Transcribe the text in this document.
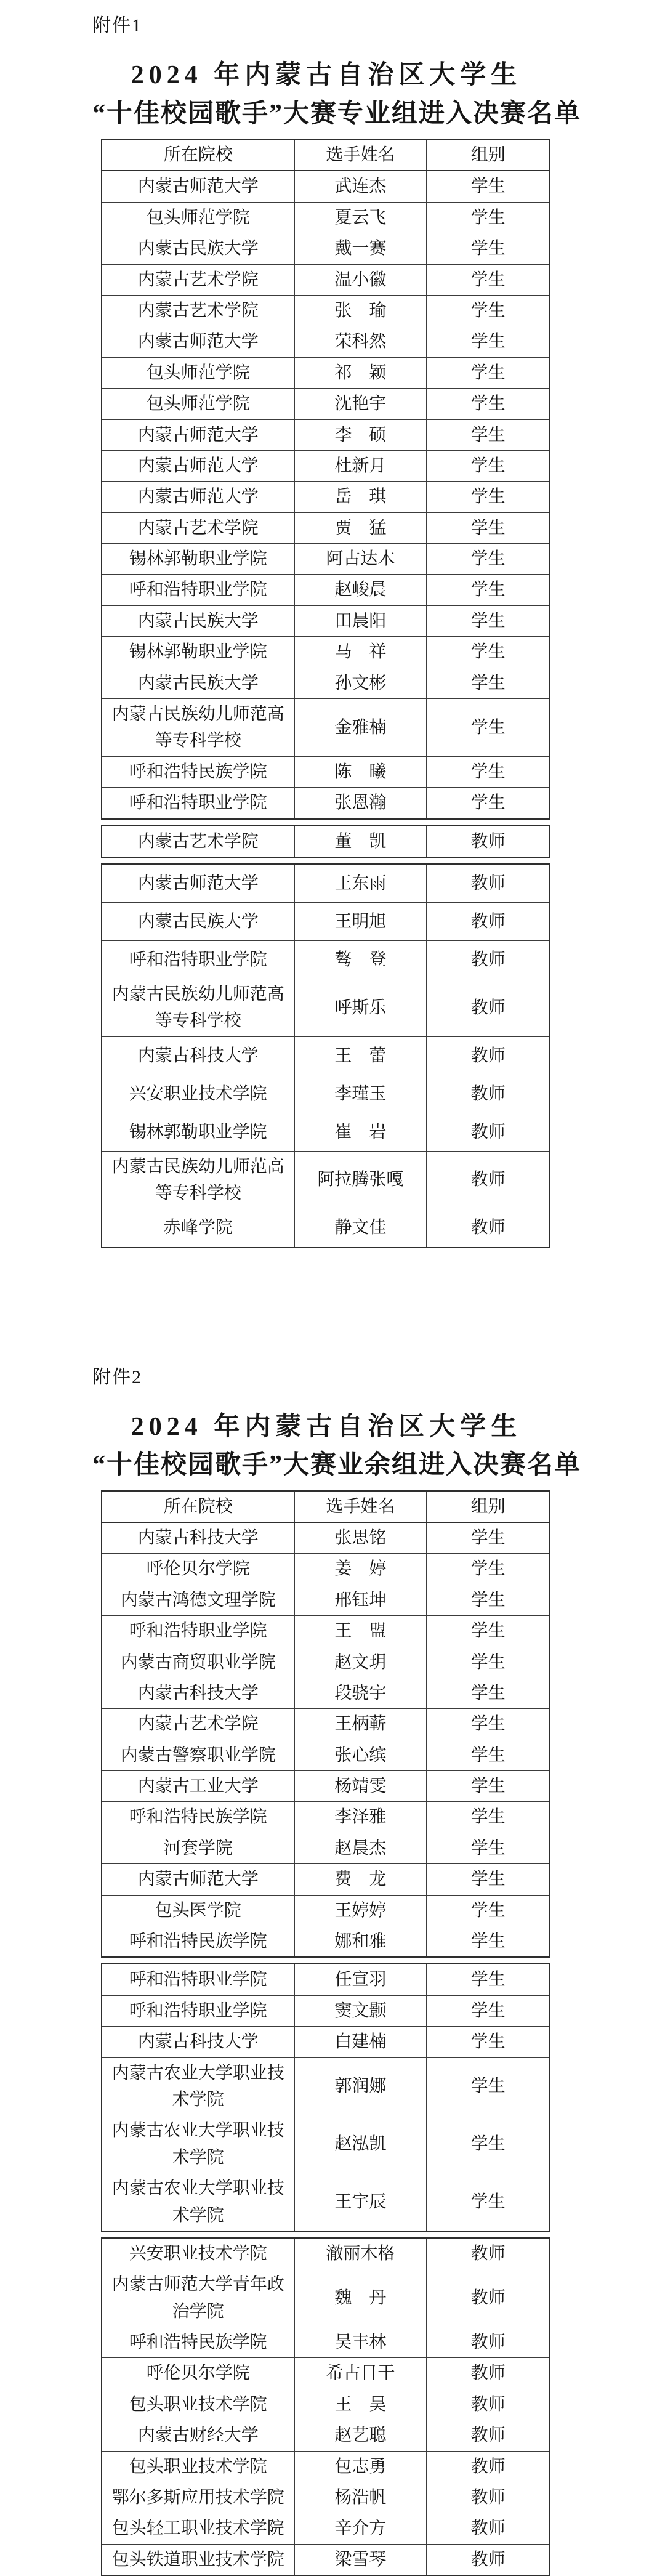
附件1
2024 年内蒙古自治区大学生
“十佳校园歌手”大赛专业组进入决赛名单
所在院校	选手姓名	组别
内蒙古师范大学	武连杰	学生
包头师范学院	夏云飞	学生
内蒙古民族大学	戴一赛	学生
内蒙古艺术学院	温小徽	学生
内蒙古艺术学院	张　瑜	学生
内蒙古师范大学	荣科然	学生
包头师范学院	祁　颖	学生
包头师范学院	沈艳宇	学生
内蒙古师范大学	李　硕	学生
内蒙古师范大学	杜新月	学生
内蒙古师范大学	岳　琪	学生
内蒙古艺术学院	贾　猛	学生
锡林郭勒职业学院	阿古达木	学生
呼和浩特职业学院	赵峻晨	学生
内蒙古民族大学	田晨阳	学生
锡林郭勒职业学院	马　祥	学生
内蒙古民族大学	孙文彬	学生
内蒙古民族幼儿师范高等专科学校	金雅楠	学生
呼和浩特民族学院	陈　曦	学生
呼和浩特职业学院	张恩瀚	学生
内蒙古艺术学院	董　凯	教师
内蒙古师范大学	王东雨	教师
内蒙古民族大学	王明旭	教师
呼和浩特职业学院	骜　登	教师
内蒙古民族幼儿师范高等专科学校	呼斯乐	教师
内蒙古科技大学	王　蕾	教师
兴安职业技术学院	李瑾玉	教师
锡林郭勒职业学院	崔　岩	教师
内蒙古民族幼儿师范高等专科学校	阿拉腾张嘎	教师
赤峰学院	静文佳	教师
附件2
2024 年内蒙古自治区大学生
“十佳校园歌手”大赛业余组进入决赛名单
所在院校	选手姓名	组别
内蒙古科技大学	张思铭	学生
呼伦贝尔学院	姜　婷	学生
内蒙古鸿德文理学院	邢钰坤	学生
呼和浩特职业学院	王　盟	学生
内蒙古商贸职业学院	赵文玥	学生
内蒙古科技大学	段骁宇	学生
内蒙古艺术学院	王柄蕲	学生
内蒙古警察职业学院	张心缤	学生
内蒙古工业大学	杨靖雯	学生
呼和浩特民族学院	李泽雅	学生
河套学院	赵晨杰	学生
内蒙古师范大学	费　龙	学生
包头医学院	王婷婷	学生
呼和浩特民族学院	娜和雅	学生
呼和浩特职业学院	任宣羽	学生
呼和浩特职业学院	窦文颢	学生
内蒙古科技大学	白建楠	学生
内蒙古农业大学职业技术学院	郭润娜	学生
内蒙古农业大学职业技术学院	赵泓凯	学生
内蒙古农业大学职业技术学院	王宇辰	学生
兴安职业技术学院	澈丽木格	教师
内蒙古师范大学青年政治学院	魏　丹	教师
呼和浩特民族学院	吴丰林	教师
呼伦贝尔学院	希古日干	教师
包头职业技术学院	王　昊	教师
内蒙古财经大学	赵艺聪	教师
包头职业技术学院	包志勇	教师
鄂尔多斯应用技术学院	杨浩帆	教师
包头轻工职业技术学院	辛介方	教师
包头铁道职业技术学院	梁雪琴	教师
